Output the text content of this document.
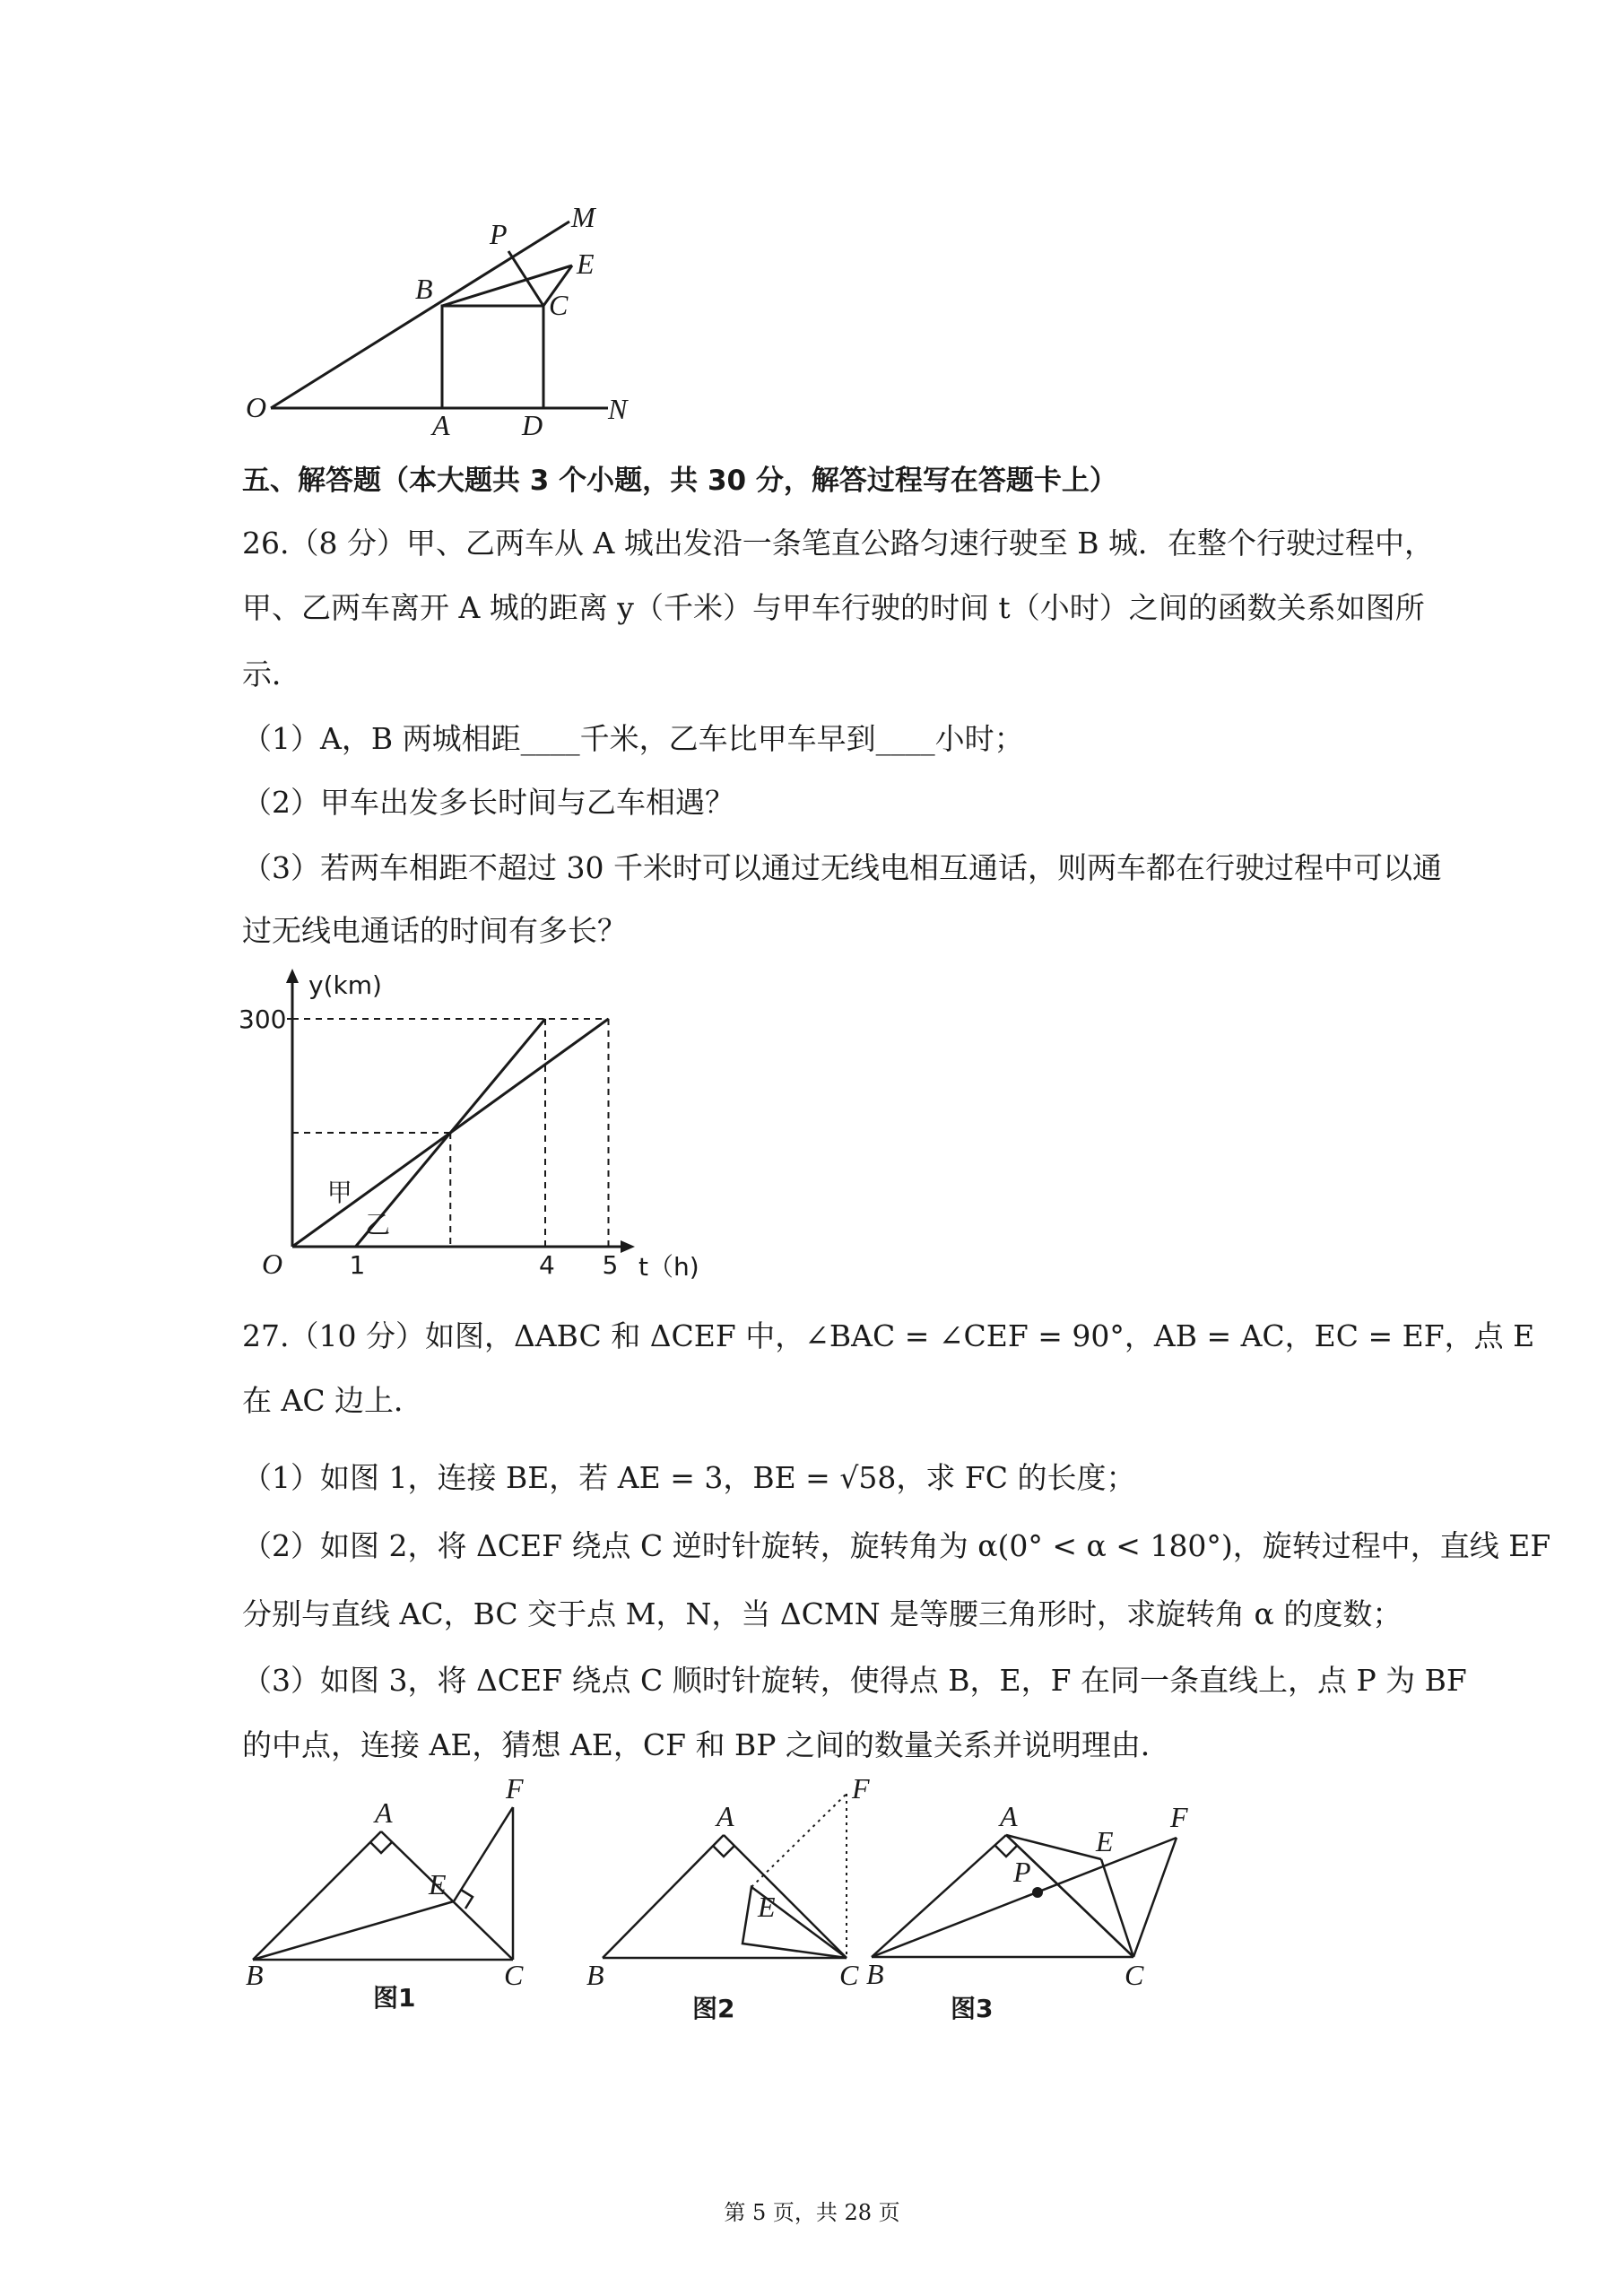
O
A	D N
B	C
P
E
M
五、解答题（本大题共 3 个小题，共 30 分，解答过程写在答题卡上）
26.（8 分）甲、乙两车从 A 城出发沿一条笔直公路匀速行驶至 B 城．在整个行驶过程中，
甲、乙两车离开 A 城的距离 y（千米）与甲车行驶的时间 t（小时）之间的函数关系如图所
示．
（1）A，B 两城相距____千米，乙车比甲车早到____小时；
（2）甲车出发多长时间与乙车相遇？
（3）若两车相距不超过 30 千米时可以通过无线电相互通话，则两车都在行驶过程中可以通
过无线电通话的时间有多长？
甲
乙
O	1	4 5
300
y(km)
t（h)
27.（10 分）如图，ΔABC 和 ΔCEF 中，∠BAC = ∠CEF = 90°，AB = AC，EC = EF，点 E
在 AC 边上．
（1）如图 1，连接 BE，若 AE = 3，BE = √58，求 FC 的长度；
（2）如图 2，将 ΔCEF 绕点 C 逆时针旋转，旋转角为 α(0° < α < 180°)，旋转过程中，直线 EF
分别与直线 AC，BC 交于点 M，N，当 ΔCMN 是等腰三角形时，求旋转角 α 的度数；
（3）如图 3，将 ΔCEF 绕点 C 顺时针旋转，使得点 B，E，F 在同一条直线上，点 P 为 BF
的中点，连接 AE，猜想 AE，CF 和 BP 之间的数量关系并说明理由．
A
B	C
E
F
图1
A
B	C
E
F
图2
A
B	C
E
F
P
图3
第 5 页，共 28 页
